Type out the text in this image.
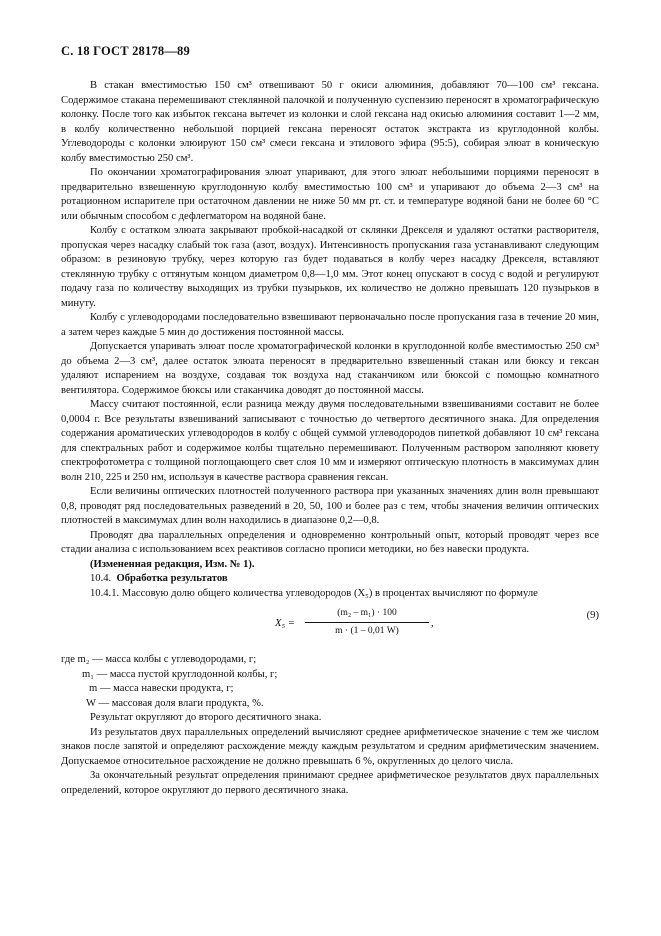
С. 18 ГОСТ 28178—89

В стакан вместимостью 150 см³ отвешивают 50 г окиси алюминия, добавляют 70—100 см³ гексана. Содержимое стакана перемешивают стеклянной палочкой и полученную суспензию переносят в хроматографическую колонку. После того как избыток гексана вытечет из колонки и слой гексана над окисью алюминия составит 1—2 мм, в колбу количественно небольшой порцией гексана переносят остаток экстракта из круглодонной колбы. Углеводороды с колонки элюируют 150 см³ смеси гексана и этилового эфира (95:5), собирая элюат в коническую колбу вместимостью 250 см³.

По окончании хроматографирования элюат упаривают, для этого элюат небольшими порциями переносят в предварительно взвешенную круглодонную колбу вместимостью 100 см³ и упаривают до объема 2—3 см³ на ротационном испарителе при остаточном давлении не ниже 50 мм рт. ст. и температуре водяной бани не более 60 °С или обычным способом с дефлегматором на водяной бане.

Колбу с остатком элюата закрывают пробкой-насадкой от склянки Дрекселя и удаляют остатки растворителя, пропуская через насадку слабый ток газа (азот, воздух). Интенсивность пропускания газа устанавливают следующим образом: в резиновую трубку, через которую газ будет подаваться в колбу через насадку Дрекселя, вставляют стеклянную трубку с оттянутым концом диаметром 0,8—1,0 мм. Этот конец опускают в сосуд с водой и регулируют подачу газа по количеству выходящих из трубки пузырьков, их количество не должно превышать 120 пузырьков в минуту.

Колбу с углеводородами последовательно взвешивают первоначально после пропускания газа в течение 20 мин, а затем через каждые 5 мин до достижения постоянной массы.

Допускается упаривать элюат после хроматографической колонки в круглодонной колбе вместимостью 250 см³ до объема 2—3 см³, далее остаток элюата переносят в предварительно взвешенный стакан или бюксу и гексан удаляют испарением на воздухе, создавая ток воздуха над стаканчиком или бюксой с помощью комнатного вентилятора. Содержимое бюксы или стаканчика доводят до постоянной массы.

Массу считают постоянной, если разница между двумя последовательными взвешиваниями составит не более 0,0004 г. Все результаты взвешиваний записывают с точностью до четвертого десятичного знака. Для определения содержания ароматических углеводородов в колбу с общей суммой углеводородов пипеткой добавляют 10 см³ гексана для спектральных работ и содержимое колбы тщательно перемешивают. Полученным раствором заполняют кювету спектрофотометра с толщиной поглощающего свет слоя 10 мм и измеряют оптическую плотность в максимумах длин волн 210, 225 и 250 нм, используя в качестве раствора сравнения гексан.

Если величины оптических плотностей полученного раствора при указанных значениях длин волн превышают 0,8, проводят ряд последовательных разведений в 20, 50, 100 и более раз с тем, чтобы значения величин оптических плотностей в максимумах длин волн находились в диапазоне 0,2—0,8.

Проводят два параллельных определения и одновременно контрольный опыт, который проводят через все стадии анализа с использованием всех реактивов согласно прописи методики, но без навески продукта.

(Измененная редакция, Изм. № 1).

10.4. Обработка результатов

10.4.1. Массовую долю общего количества углеводородов (X₅) в процентах вычисляют по формуле

$X_5 = \frac{\text{(m₂ – m₁) · 100}}{m \cdot (1 - 0,01 W)}$ ,
(9)

где m₂ — масса колбы с углеводородами, г;

m₁ — масса пустой круглодонной колбы, г;

m — масса навески продукта, г;

W — массовая доля влаги продукта, %.

Результат округляют до второго десятичного знака.

Из результатов двух параллельных определений вычисляют среднее арифметическое значение с тем же числом знаков после запятой и определяют расхождение между каждым результатом и средним арифметическим значением. Допускаемое относительное расхождение не должно превышать 6 %, округленных до целого числа.

За окончательный результат определения принимают среднее арифметическое результатов двух параллельных определений, которое округляют до первого десятичного знака.
